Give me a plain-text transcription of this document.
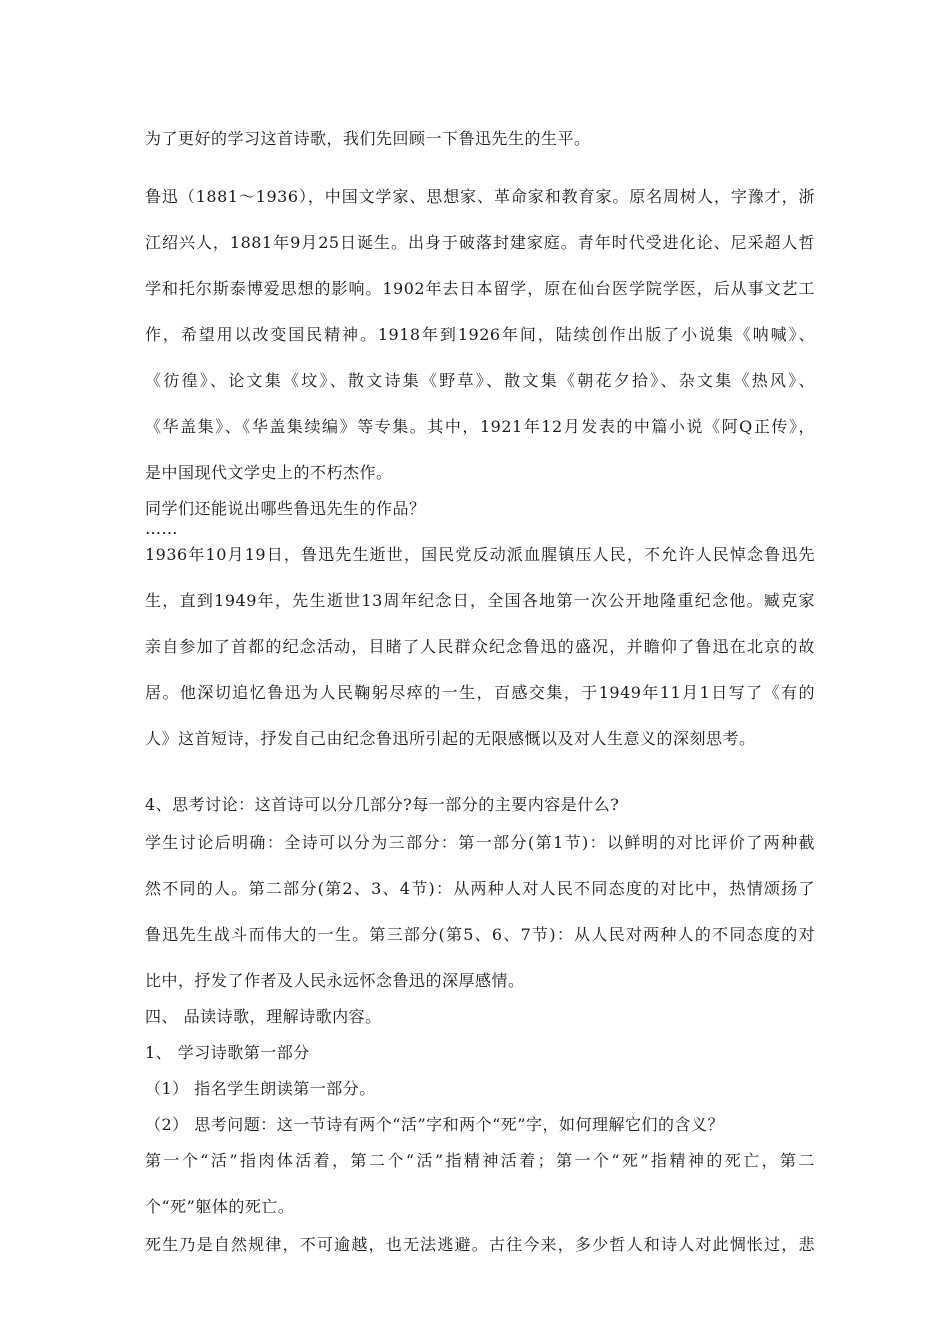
为了更好的学习这首诗歌，我们先回顾一下鲁迅先生的生平。
鲁迅（1881～1936），中国文学家、思想家、革命家和教育家。原名周树人，字豫才，浙
江绍兴人，1881年9月25日诞生。出身于破落封建家庭。青年时代受进化论、尼采超人哲
学和托尔斯泰博爱思想的影响。1902年去日本留学，原在仙台医学院学医，后从事文艺工
作，希望用以改变国民精神。1918年到1926年间，陆续创作出版了小说集《呐喊》、
《彷徨》、论文集《坟》、散文诗集《野草》、散文集《朝花夕拾》、杂文集《热风》、
《华盖集》、《华盖集续编》等专集。其中，1921年12月发表的中篇小说《阿Q正传》，
是中国现代文学史上的不朽杰作。
同学们还能说出哪些鲁迅先生的作品？
……
1936年10月19日，鲁迅先生逝世，国民党反动派血腥镇压人民，不允许人民悼念鲁迅先
生，直到1949年，先生逝世13周年纪念日，全国各地第一次公开地隆重纪念他。臧克家
亲自参加了首都的纪念活动，目睹了人民群众纪念鲁迅的盛况，并瞻仰了鲁迅在北京的故
居。他深切追忆鲁迅为人民鞠躬尽瘁的一生，百感交集，于1949年11月1日写了《有的
人》这首短诗，抒发自己由纪念鲁迅所引起的无限感慨以及对人生意义的深刻思考。
4、思考讨论：这首诗可以分几部分?每一部分的主要内容是什么?
学生讨论后明确：全诗可以分为三部分：第一部分(第1节)：以鲜明的对比评价了两种截
然不同的人。第二部分(第2、3、4节)：从两种人对人民不同态度的对比中，热情颂扬了
鲁迅先生战斗而伟大的一生。第三部分(第5、6、7节)：从人民对两种人的不同态度的对
比中，抒发了作者及人民永远怀念鲁迅的深厚感情。
四、 品读诗歌，理解诗歌内容。
1、 学习诗歌第一部分
（1） 指名学生朗读第一部分。
（2） 思考问题：这一节诗有两个“活”字和两个“死”字，如何理解它们的含义？
第一个“活”指肉体活着，第二个“活”指精神活着；第一个“死”指精神的死亡，第二
个“死”躯体的死亡。
死生乃是自然规律，不可逾越，也无法逃避。古往今来，多少哲人和诗人对此惆怅过，悲
